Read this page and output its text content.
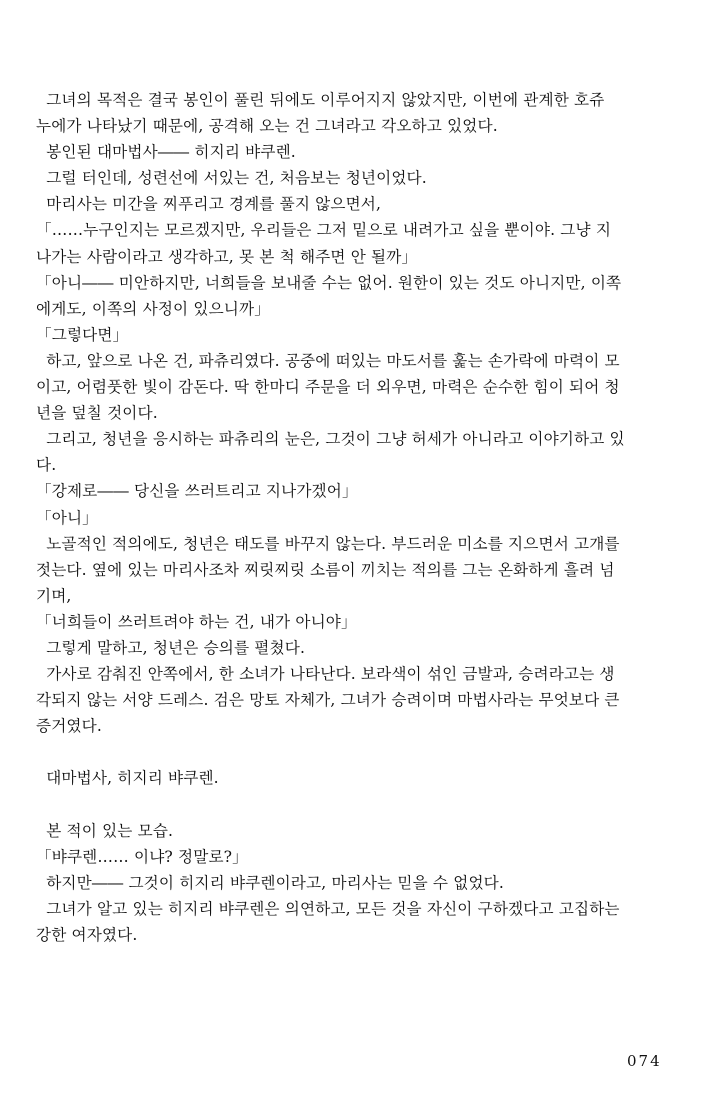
그녀의 목적은 결국 봉인이 풀린 뒤에도 이루어지지 않았지만, 이번에 관계한 호쥬
누에가 나타났기 때문에, 공격해 오는 건 그녀라고 각오하고 있었다.
봉인된 대마법사―― 히지리 뱌쿠렌.
그럴 터인데, 성련선에 서있는 건, 처음보는 청년이었다.
마리사는 미간을 찌푸리고 경계를 풀지 않으면서,
「……누구인지는 모르겠지만, 우리들은 그저 밑으로 내려가고 싶을 뿐이야. 그냥 지
나가는 사람이라고 생각하고, 못 본 척 해주면 안 될까」
「아니―― 미안하지만, 너희들을 보내줄 수는 없어. 원한이 있는 것도 아니지만, 이쪽
에게도, 이쪽의 사정이 있으니까」
「그렇다면」
하고, 앞으로 나온 건, 파츄리였다. 공중에 떠있는 마도서를 훑는 손가락에 마력이 모
이고, 어렴풋한 빛이 감돈다. 딱 한마디 주문을 더 외우면, 마력은 순수한 힘이 되어 청
년을 덮칠 것이다.
그리고, 청년을 응시하는 파츄리의 눈은, 그것이 그냥 허세가 아니라고 이야기하고 있
다.
「강제로―― 당신을 쓰러트리고 지나가겠어」
「아니」
노골적인 적의에도, 청년은 태도를 바꾸지 않는다. 부드러운 미소를 지으면서 고개를
젓는다. 옆에 있는 마리사조차 찌릿찌릿 소름이 끼치는 적의를 그는 온화하게 흘려 넘
기며,
「너희들이 쓰러트려야 하는 건, 내가 아니야」
그렇게 말하고, 청년은 승의를 펼쳤다.
가사로 감춰진 안쪽에서, 한 소녀가 나타난다. 보라색이 섞인 금발과, 승려라고는 생
각되지 않는 서양 드레스. 검은 망토 자체가, 그녀가 승려이며 마법사라는 무엇보다 큰
증거였다.
대마법사, 히지리 뱌쿠렌.
본 적이 있는 모습.
「뱌쿠렌…… 이냐? 정말로?」
하지만―― 그것이 히지리 뱌쿠렌이라고, 마리사는 믿을 수 없었다.
그녀가 알고 있는 히지리 뱌쿠렌은 의연하고, 모든 것을 자신이 구하겠다고 고집하는
강한 여자였다.
074
